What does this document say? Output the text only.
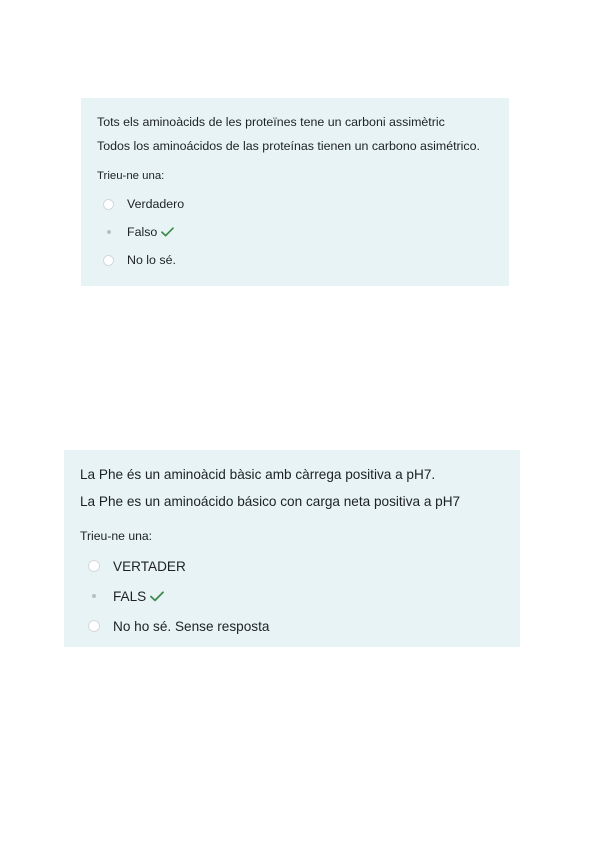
Tots els aminoàcids de les proteïnes tene un carboni assimètric

Todos los aminoácidos de las proteínas tienen un carbono asimétrico.

Trieu-ne una:
Verdadero
Falso
No lo sé.

La Phe és un aminoàcid bàsic amb càrrega positiva a pH7.

La Phe es un aminoácido básico con carga neta positiva a pH7

Trieu-ne una:
VERTADER
FALS
No ho sé. Sense resposta
